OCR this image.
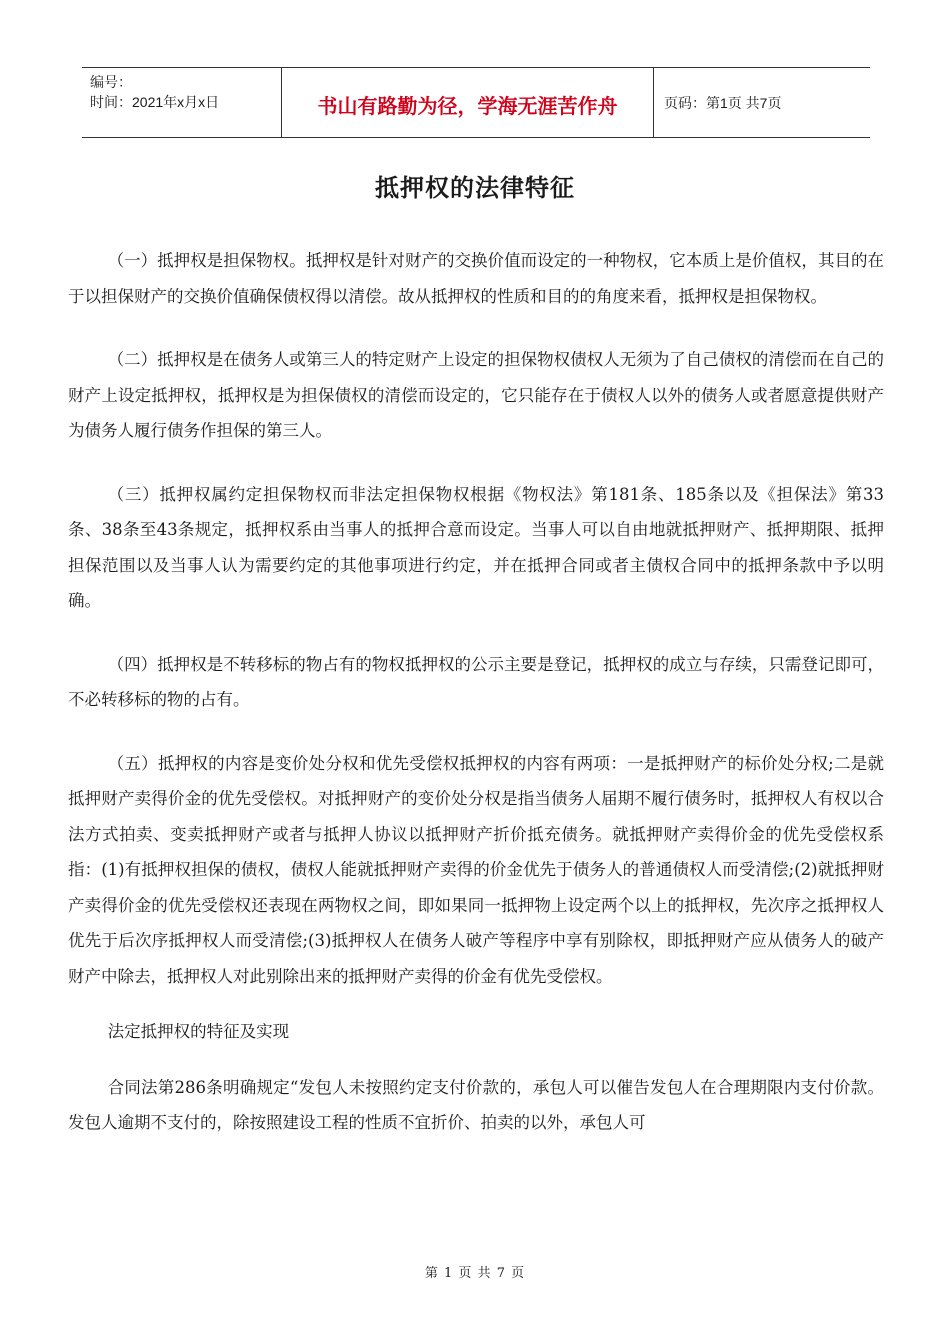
编号：
时间：2021年x月x日	书山有路勤为径，学海无涯苦作舟	页码：第1页 共7页
抵押权的法律特征

（一）抵押权是担保物权。抵押权是针对财产的交换价值而设定的一种物权，它本质上是价值权，其目的在于以担保财产的交换价值确保债权得以清偿。故从抵押权的性质和目的的角度来看，抵押权是担保物权。

（二）抵押权是在债务人或第三人的特定财产上设定的担保物权债权人无须为了自己债权的清偿而在自己的财产上设定抵押权，抵押权是为担保债权的清偿而设定的，它只能存在于债权人以外的债务人或者愿意提供财产为债务人履行债务作担保的第三人。

（三）抵押权属约定担保物权而非法定担保物权根据《物权法》第181条、185条以及《担保法》第33条、38条至43条规定，抵押权系由当事人的抵押合意而设定。当事人可以自由地就抵押财产、抵押期限、抵押担保范围以及当事人认为需要约定的其他事项进行约定，并在抵押合同或者主债权合同中的抵押条款中予以明确。

（四）抵押权是不转移标的物占有的物权抵押权的公示主要是登记，抵押权的成立与存续，只需登记即可，不必转移标的物的占有。

（五）抵押权的内容是变价处分权和优先受偿权抵押权的内容有两项：一是抵押财产的标价处分权;二是就抵押财产卖得价金的优先受偿权。对抵押财产的变价处分权是指当债务人届期不履行债务时，抵押权人有权以合法方式拍卖、变卖抵押财产或者与抵押人协议以抵押财产折价抵充债务。就抵押财产卖得价金的优先受偿权系指：(1)有抵押权担保的债权，债权人能就抵押财产卖得的价金优先于债务人的普通债权人而受清偿;(2)就抵押财产卖得价金的优先受偿权还表现在两物权之间，即如果同一抵押物上设定两个以上的抵押权，先次序之抵押权人优先于后次序抵押权人而受清偿;(3)抵押权人在债务人破产等程序中享有别除权，即抵押财产应从债务人的破产财产中除去，抵押权人对此别除出来的抵押财产卖得的价金有优先受偿权。

法定抵押权的特征及实现

合同法第286条明确规定“发包人未按照约定支付价款的，承包人可以催告发包人在合理期限内支付价款。发包人逾期不支付的，除按照建设工程的性质不宜折价、拍卖的以外，承包人可

第 1 页 共 7 页
